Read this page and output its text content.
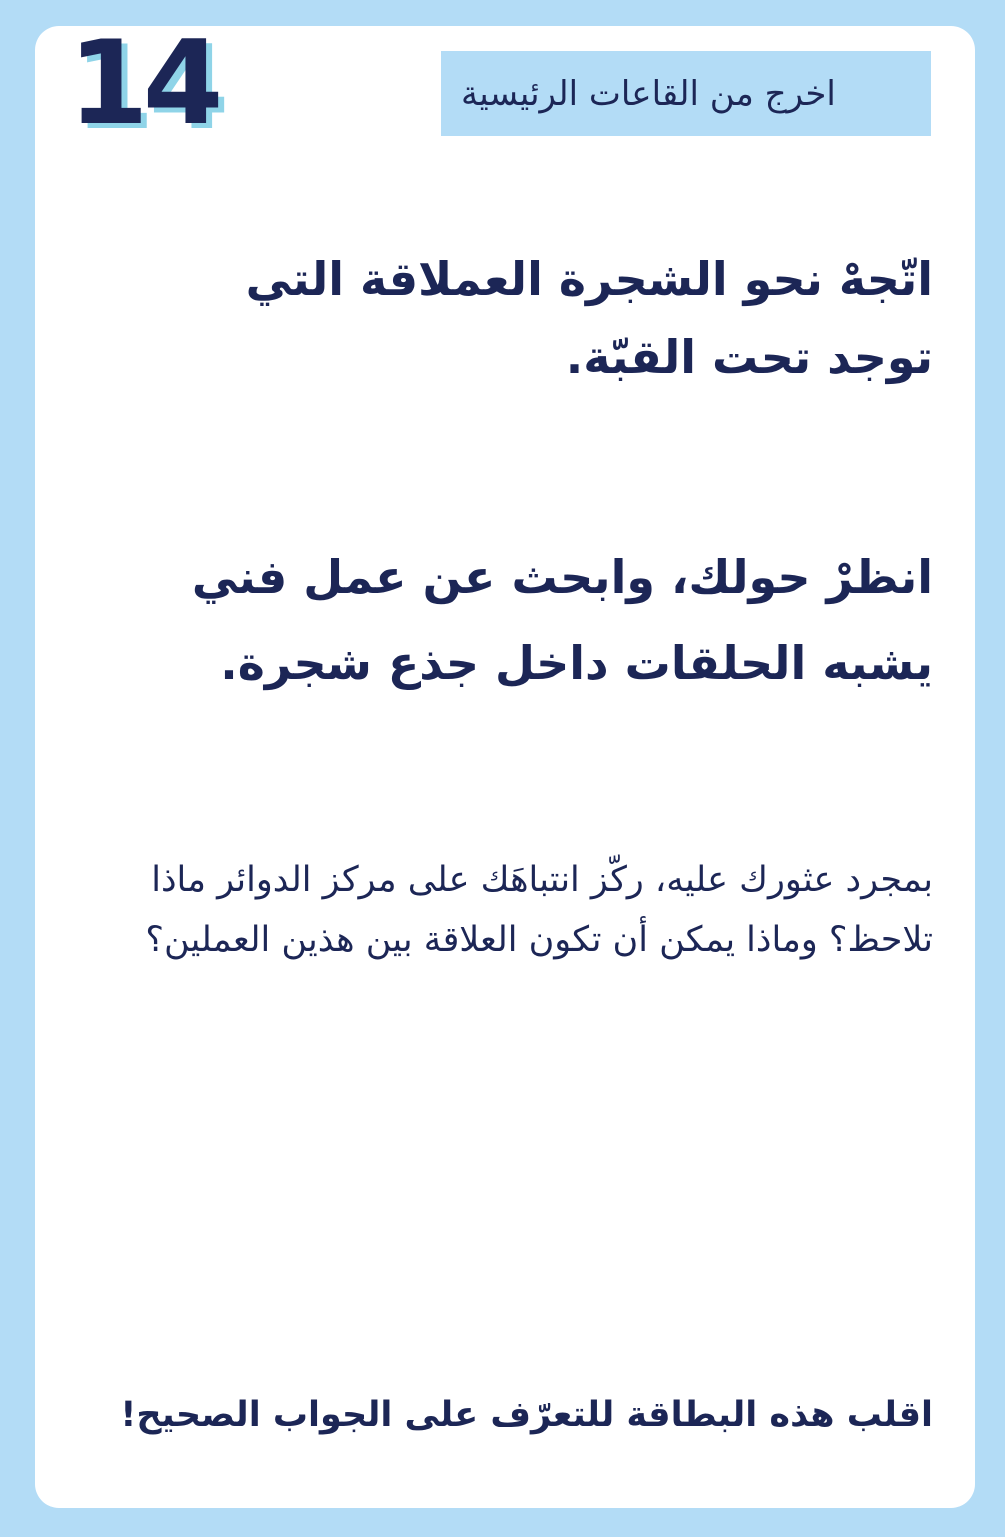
14	اخرج من القاعات الرئيسية
اتّجهْ نحو الشجرة العملاقة التي توجد تحت القبّة.
انظرْ حولك، وابحث عن عمل فني يشبه الحلقات داخل جذع شجرة.
بمجرد عثورك عليه، ركّز انتباهَك على مركز الدوائر ماذا تلاحظ؟ وماذا يمكن أن تكون العلاقة بين هذين العملين؟
اقلب هذه البطاقة للتعرّف على الجواب الصحيح!
